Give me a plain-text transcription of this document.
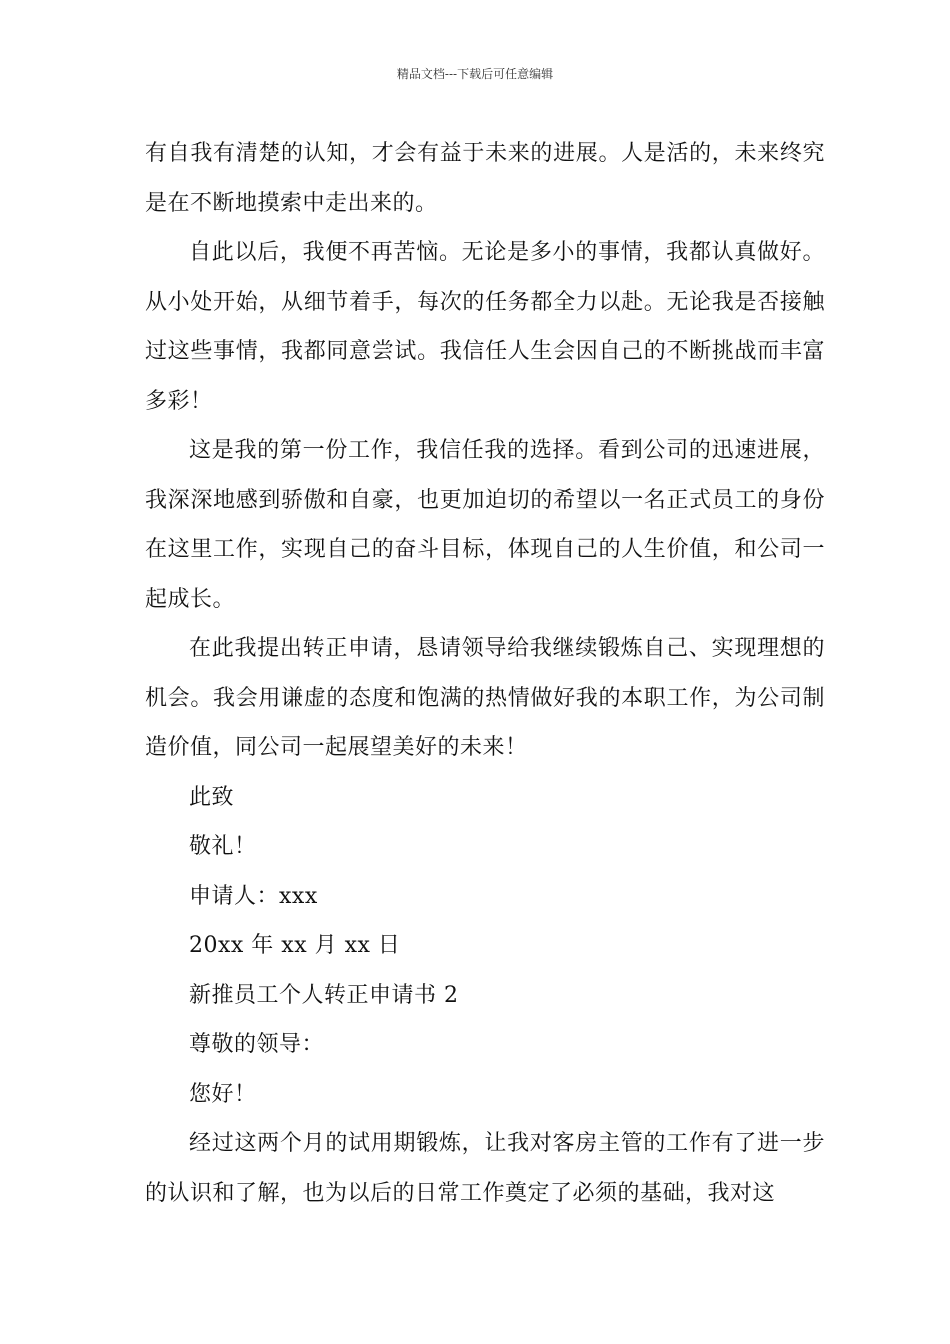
精品文档---下载后可任意编辑

有自我有清楚的认知，才会有益于未来的进展。人是活的，未来终究是在不断地摸索中走出来的。

自此以后，我便不再苦恼。无论是多小的事情，我都认真做好。从小处开始，从细节着手，每次的任务都全力以赴。无论我是否接触过这些事情，我都同意尝试。我信任人生会因自己的不断挑战而丰富多彩！

这是我的第一份工作，我信任我的选择。看到公司的迅速进展，我深深地感到骄傲和自豪，也更加迫切的希望以一名正式员工的身份在这里工作，实现自己的奋斗目标，体现自己的人生价值，和公司一起成长。

在此我提出转正申请，恳请领导给我继续锻炼自己、实现理想的机会。我会用谦虚的态度和饱满的热情做好我的本职工作，为公司制造价值，同公司一起展望美好的未来！

此致

敬礼！

申请人：xxx

20xx 年 xx 月 xx 日

新推员工个人转正申请书 2

尊敬的领导：

您好！

经过这两个月的试用期锻炼，让我对客房主管的工作有了进一步的认识和了解，也为以后的日常工作奠定了必须的基础，我对这
